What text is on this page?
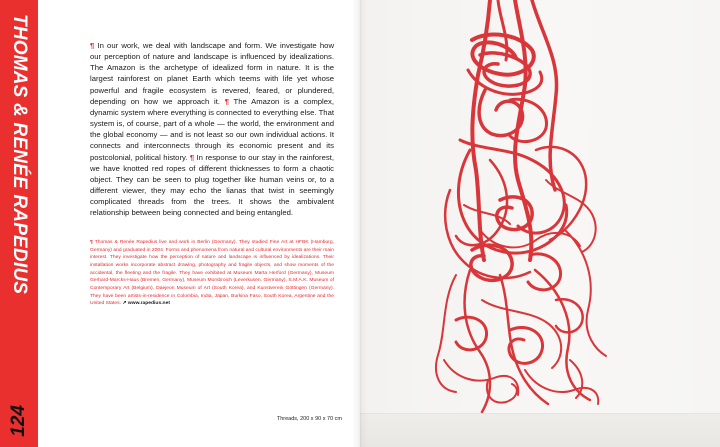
THOMAS & RENÉE RAPEDIUS
124

¶ In our work, we deal with landscape and form. We investigate how our perception of nature and landscape is influenced by idealizations. The Amazon is the archetype of idealized form in nature. It is the largest rainforest on planet Earth which teems with life yet whose powerful and fragile ecosystem is revered, feared, or plundered, depending on how we approach it. ¶ The Amazon is a complex, dynamic system where everything is connected to everything else. That system is, of course, part of a whole — the world, the environment and the global economy — and is not least so our own individual actions. It connects and interconnects through its economic present and its postcolonial, political history. ¶ In response to our stay in the rainforest, we have knotted red ropes of different thicknesses to form a chaotic object. They can be seen to plug together like human veins or, to a different viewer, they may echo the lianas that twist in seemingly complicated threads from the trees. It shows the ambivalent relationship between being connected and being entangled.

¶ Thomas & Renée Rapedius live and work in Berlin (Germany). They studied Fine Art at HFBK (Hamburg, Germany) and graduated in 2004. Forms and phenomena from natural and cultural environments are their main interest. They investigate how the perception of nature and landscape is influenced by idealizations. Their installation works incorporate abstract drawing, photography and fragile objects, and show moments of the accidental, the fleeting and the fragile. They have exhibited at Museum Marta Herford (Germany), Museum Gerhard-Marcks-Haus (Bremen, Germany), Museum Morsbroich (Leverkusen, Germany), S.M.A.K. Museum of Contemporary Art (Belgium), Daejeon Museum of Art (South Korea), and Kunstverein Göttingen (Germany). They have been artists-in-residence in Colombia, India, Japan, Burkina Faso, South Korea, Argentine and the United States. ↗ www.rapedius.net

Threads, 200 x 90 x 70 cm
